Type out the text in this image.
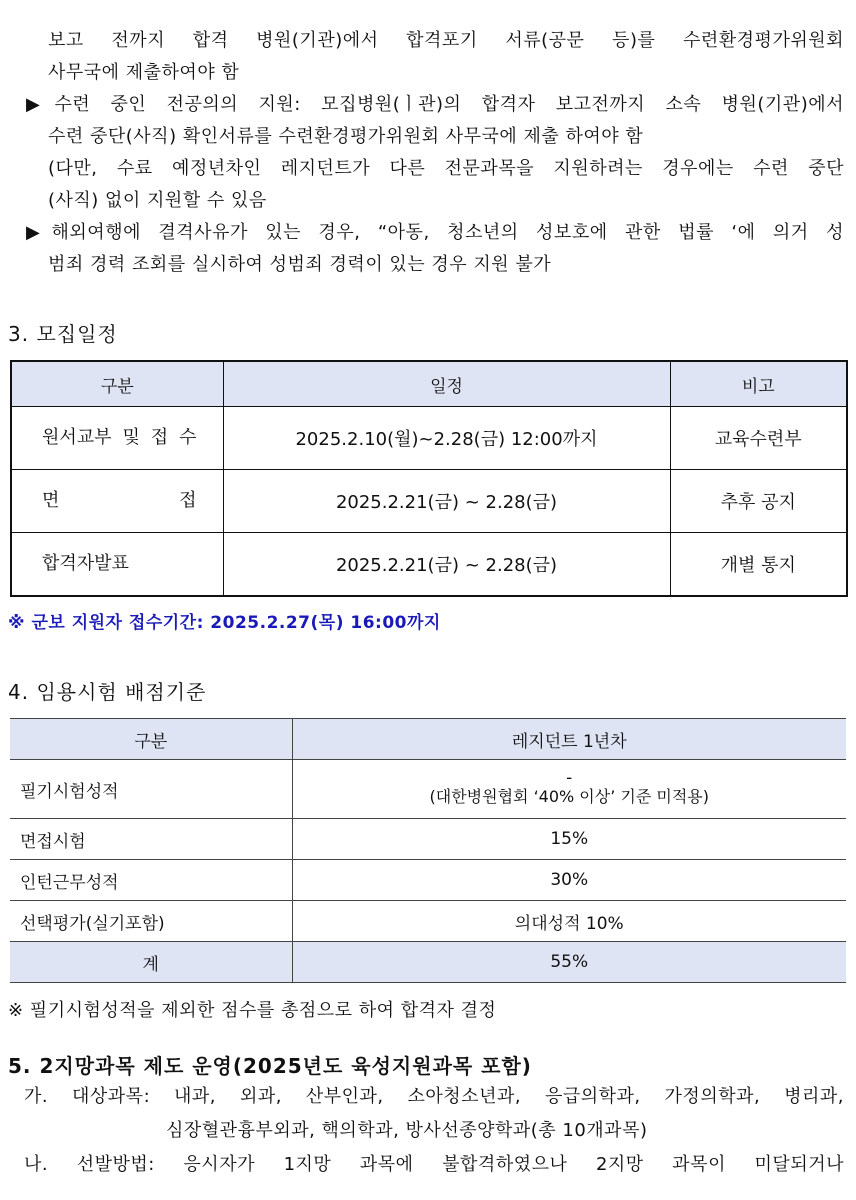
보고 전까지 합격 병원(기관)에서 합격포기 서류(공문 등)를 수련환경평가위원회
사무국에 제출하여야 함
▶수련 중인 전공의의 지원: 모집병원(ㅣ관)의 합격자 보고전까지 소속 병원(기관)에서
수련 중단(사직) 확인서류를 수련환경평가위원회 사무국에 제출 하여야 함
(다만, 수료 예정년차인 레지던트가 다른 전문과목을 지원하려는 경우에는 수련 중단
(사직) 없이 지원할 수 있음
▶해외여행에 결격사유가 있는 경우, “아동, 청소년의 성보호에 관한 법률 ‘에 의거 성
범죄 경력 조회를 실시하여 성범죄 경력이 있는 경우 지원 불가
3. 모집일정
구분	일정	비고
원서교부 및 접 수	2025.2.10(월)~2.28(금) 12:00까지	교육수련부
면 접	2025.2.21(금) ~ 2.28(금)	추후 공지
합격자발표	2025.2.21(금) ~ 2.28(금)	개별 통지
※ 군보 지원자 접수기간: 2025.2.27(목) 16:00까지
4. 임용시험 배점기준
구분	레지던트 1년차
필기시험성적	-
(대한병원협회 ‘40% 이상’ 기준 미적용)

면접시험	15%
인턴근무성적	30%
선택평가(실기포함)	의대성적 10%
계	55%
※ 필기시험성적을 제외한 점수를 총점으로 하여 합격자 결정
5. 2지망과목 제도 운영(2025년도 육성지원과목 포함)
가. 대상과목: 내과, 외과, 산부인과, 소아청소년과, 응급의학과, 가정의학과, 병리과,
심장혈관흉부외과, 핵의학과, 방사선종양학과(총 10개과목)
나. 선발방법: 응시자가 1지망 과목에 불합격하였으나 2지망 과목이 미달되거나
